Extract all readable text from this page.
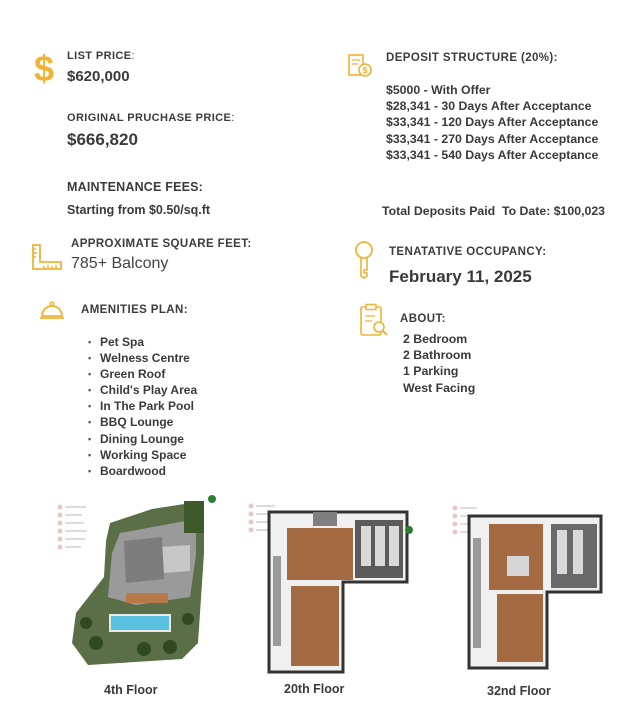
$ LIST PRICE:
$620,000
ORIGINAL PRUCHASE PRICE:
$666,820
MAINTENANCE FEES:
Starting from $0.50/sq.ft
APPROXIMATE SQUARE FEET:
785+ Balcony
AMENITIES PLAN:
• Pet Spa
• Welness Centre
• Green Roof
• Child's Play Area
• In The Park Pool
• BBQ Lounge
• Dining Lounge
• Working Space
• Boardwood
$
DEPOSIT STRUCTURE (20%):
$5000 - With Offer
$28,341 - 30 Days After Acceptance
$33,341 - 120 Days After Acceptance
$33,341 - 270 Days After Acceptance
$33,341 - 540 Days After Acceptance
Total Deposits Paid  To Date: $100,023
TENATATIVE OCCUPANCY:
February 11, 2025
ABOUT:
2 Bedroom
2 Bathroom
1 Parking
West Facing
4th Floor	20th Floor	32nd Floor
